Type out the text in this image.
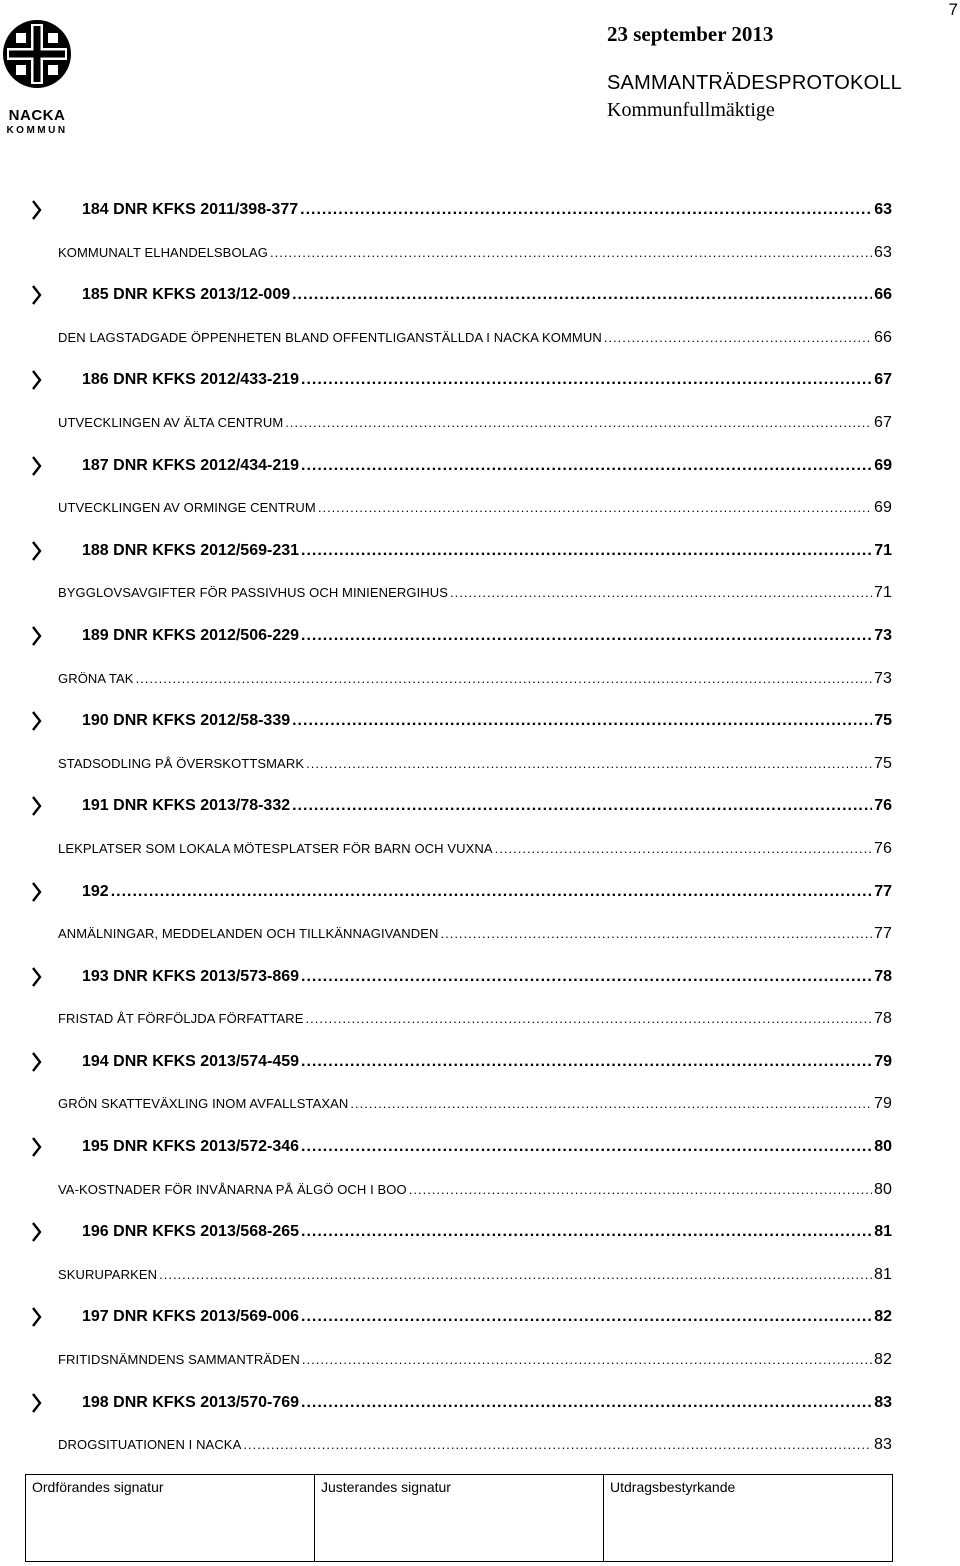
7
NACKA
KOMMUN
23 september 2013
SAMMANTRÄDESPROTOKOLL
Kommunfullmäktige
184 DNR KFKS 2011/398-377 .....	63
KOMMUNALT ELHANDELSBOLAG .....	63
185 DNR KFKS 2013/12-009 .....	66
DEN LAGSTADGADE ÖPPENHETEN BLAND OFFENTLIGANSTÄLLDA I NACKA KOMMUN .....	66
186 DNR KFKS 2012/433-219 .....	67
UTVECKLINGEN AV ÄLTA CENTRUM .....	67
187 DNR KFKS 2012/434-219 .....	69
UTVECKLINGEN AV ORMINGE CENTRUM .....	69
188 DNR KFKS 2012/569-231 .....	71
BYGGLOVSAVGIFTER FÖR PASSIVHUS OCH MINIENERGIHUS .....	71
189 DNR KFKS 2012/506-229 .....	73
GRÖNA TAK .....	73
190 DNR KFKS 2012/58-339 .....	75
STADSODLING PÅ ÖVERSKOTTSMARK .....	75
191 DNR KFKS 2013/78-332 .....	76
LEKPLATSER SOM LOKALA MÖTESPLATSER FÖR BARN OCH VUXNA .....	76
192 .....	77
ANMÄLNINGAR, MEDDELANDEN OCH TILLKÄNNAGIVANDEN .....	77
193 DNR KFKS 2013/573-869 .....	78
FRISTAD ÅT FÖRFÖLJDA FÖRFATTARE .....	78
194 DNR KFKS 2013/574-459 .....	79
GRÖN SKATTEVÄXLING INOM AVFALLSTAXAN .....	79
195 DNR KFKS 2013/572-346 .....	80
VA-KOSTNADER FÖR INVÅNARNA PÅ ÄLGÖ OCH I BOO .....	80
196 DNR KFKS 2013/568-265 .....	81
SKURUPARKEN .....	81
197 DNR KFKS 2013/569-006 .....	82
FRITIDSNÄMNDENS SAMMANTRÄDEN .....	82
198 DNR KFKS 2013/570-769 .....	83
DROGSITUATIONEN I NACKA .....	83
Ordförandes signatur	Justerandes signatur	Utdragsbestyrkande
